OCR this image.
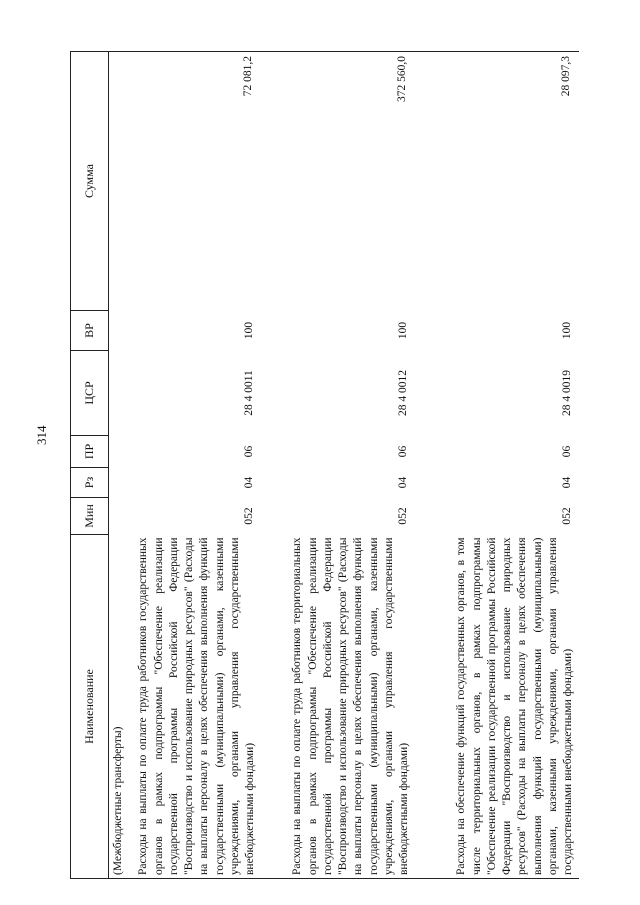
314
Наименование	Мин	Рз	ПР	ЦСР	ВР	Сумма

(Межбюджетные трансферты) Расходы на выплаты по оплате труда работников государственных органов в рамках подпрограммы "Обеспечение реализации государственной программы Российской Федерации "Воспроизводство и использование природных ресурсов" (Расходы на выплаты персоналу в целях обеспечения выполнения функций государственными (муниципальными) органами, казенными учреждениями, органами управления государственными внебюджетными фондами)	052	04	06	28 4 0011	100	72 081,2
Расходы на выплаты по оплате труда работников территориальных органов в рамках подпрограммы "Обеспечение реализации государственной программы Российской Федерации "Воспроизводство и использование природных ресурсов" (Расходы на выплаты персоналу в целях обеспечения выполнения функций государственными (муниципальными) органами, казенными учреждениями, органами управления государственными внебюджетными фондами)	052	04	06	28 4 0012	100	372 560,0
Расходы на обеспечение функций государственных органов, в том числе территориальных органов, в рамках подпрограммы "Обеспечение реализации государственной программы Российской Федерации "Воспроизводство и использование природных ресурсов" (Расходы на выплаты персоналу в целях обеспечения выполнения функций государственными (муниципальными) органами, казенными учреждениями, органами управления государственными внебюджетными фондами)	052	04	06	28 4 0019	100	28 097,3
